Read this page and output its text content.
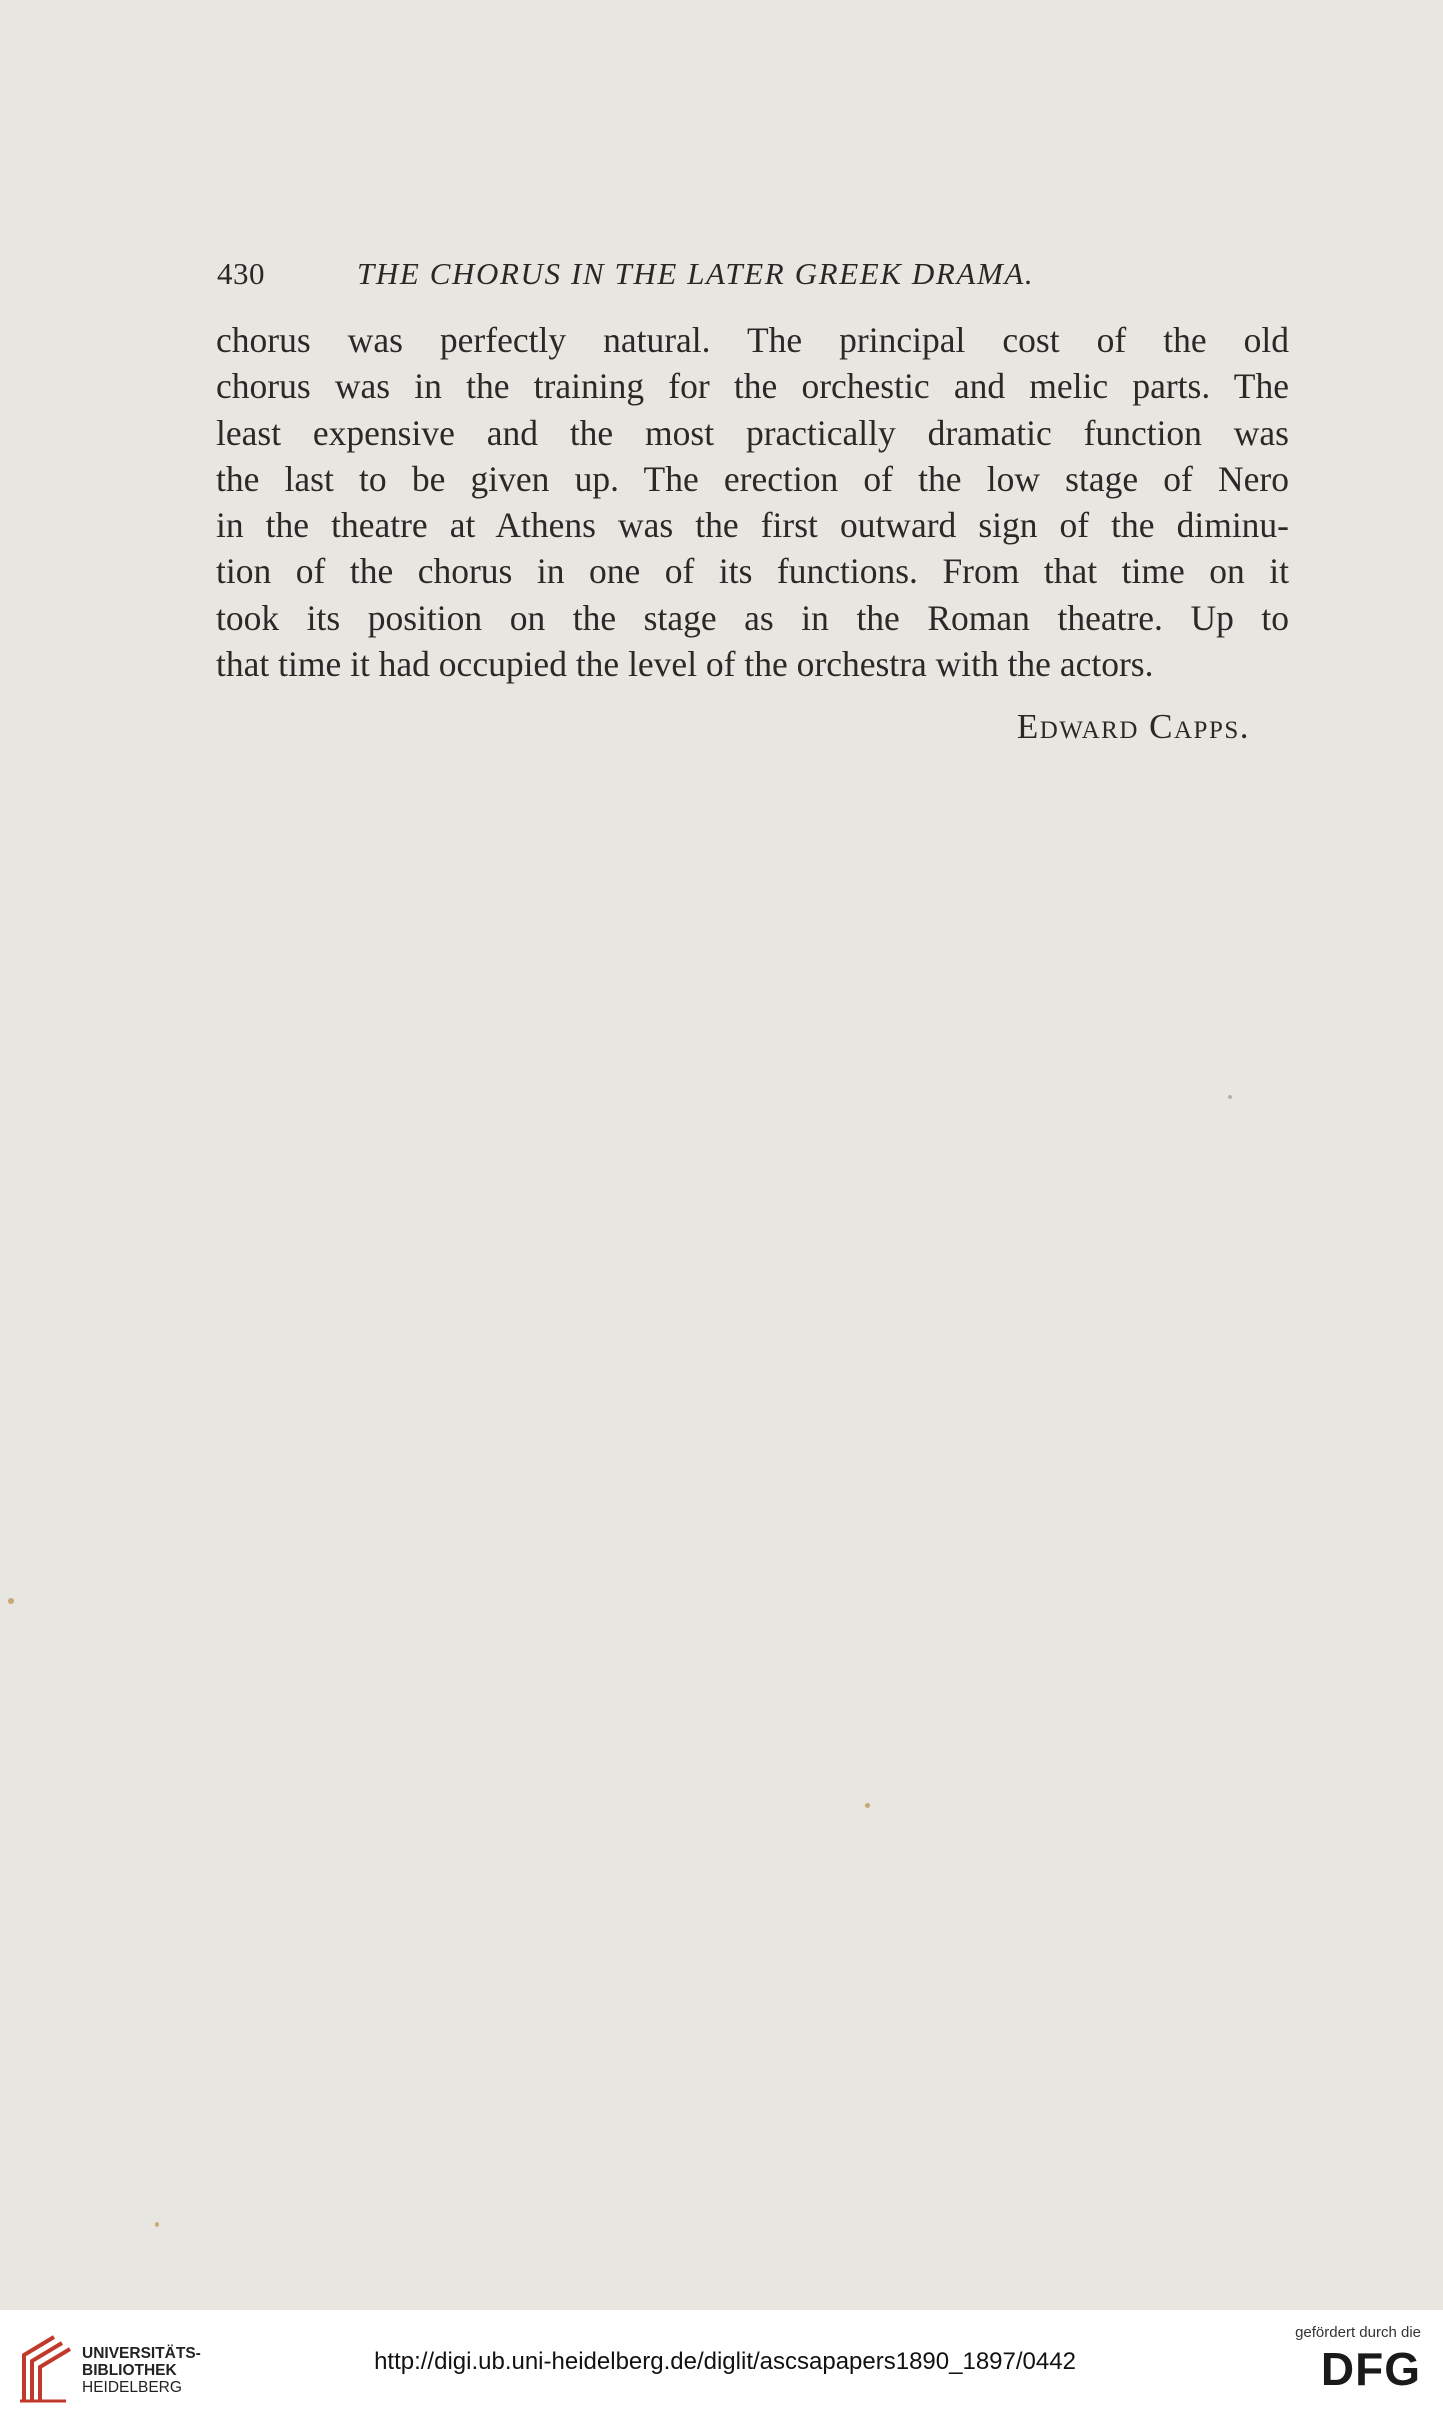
430	THE CHORUS IN THE LATER GREEK DRAMA.
chorus was perfectly natural. The principal cost of the old
chorus was in the training for the orchestic and melic parts. The
least expensive and the most practically dramatic function was
the last to be given up. The erection of the low stage of Nero
in the theatre at Athens was the first outward sign of the diminu-
tion of the chorus in one of its functions. From that time on it
took its position on the stage as in the Roman theatre. Up to
that time it had occupied the level of the orchestra with the actors.
Edward Capps.
UNIVERSITÄTS-
BIBLIOTHEK
HEIDELBERG
http://digi.ub.uni-heidelberg.de/diglit/ascsapapers1890_1897/0442
gefördert durch die
DFG
